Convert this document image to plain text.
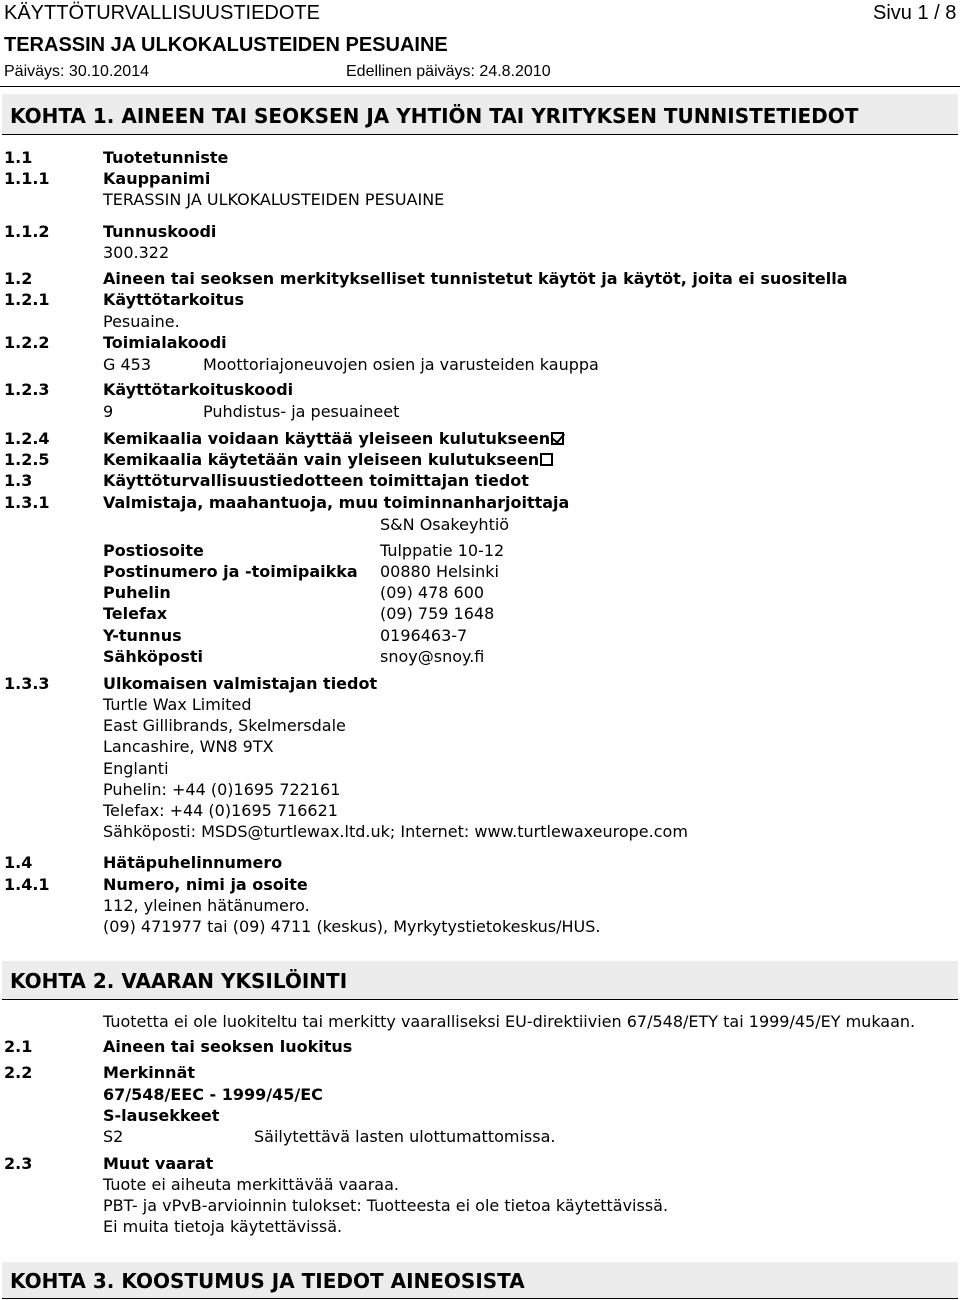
KÄYTTÖTURVALLISUUSTIEDOTE	Sivu 1 / 8
TERASSIN JA ULKOKALUSTEIDEN PESUAINE
Päiväys: 30.10.2014	Edellinen päiväys: 24.8.2010
KOHTA 1. AINEEN TAI SEOKSEN JA YHTIÖN TAI YRITYKSEN TUNNISTETIEDOT
1.1	Tuotetunniste
1.1.1	Kauppanimi
TERASSIN JA ULKOKALUSTEIDEN PESUAINE
1.1.2	Tunnuskoodi
300.322
1.2	Aineen tai seoksen merkitykselliset tunnistetut käytöt ja käytöt, joita ei suositella
1.2.1	Käyttötarkoitus
Pesuaine.
1.2.2	Toimialakoodi
G 453	Moottoriajoneuvojen osien ja varusteiden kauppa
1.2.3	Käyttötarkoituskoodi
9	Puhdistus- ja pesuaineet
1.2.4	Kemikaalia voidaan käyttää yleiseen kulutukseen
1.2.5	Kemikaalia käytetään vain yleiseen kulutukseen
1.3	Käyttöturvallisuustiedotteen toimittajan tiedot
1.3.1	Valmistaja, maahantuoja, muu toiminnanharjoittaja
S&N Osakeyhtiö
Postiosoite	Tulppatie 10-12
Postinumero ja -toimipaikka 00880 Helsinki
Puhelin	(09) 478 600
Telefax	(09) 759 1648
Y-tunnus	0196463-7
Sähköposti	snoy@snoy.fi
1.3.3	Ulkomaisen valmistajan tiedot
Turtle Wax Limited
East Gillibrands, Skelmersdale
Lancashire, WN8 9TX
Englanti
Puhelin: +44 (0)1695 722161
Telefax: +44 (0)1695 716621
Sähköposti: MSDS@turtlewax.ltd.uk; Internet: www.turtlewaxeurope.com
1.4	Hätäpuhelinnumero
1.4.1	Numero, nimi ja osoite
112, yleinen hätänumero.
(09) 471977 tai (09) 4711 (keskus), Myrkytystietokeskus/HUS.
KOHTA 2. VAARAN YKSILÖINTI
Tuotetta ei ole luokiteltu tai merkitty vaaralliseksi EU-direktiivien 67/548/ETY tai 1999/45/EY mukaan.
2.1	Aineen tai seoksen luokitus
2.2	Merkinnät
67/548/EEC - 1999/45/EC
S-lausekkeet
S2	Säilytettävä lasten ulottumattomissa.
2.3	Muut vaarat
Tuote ei aiheuta merkittävää vaaraa.
PBT- ja vPvB-arvioinnin tulokset: Tuotteesta ei ole tietoa käytettävissä.
Ei muita tietoja käytettävissä.
KOHTA 3. KOOSTUMUS JA TIEDOT AINEOSISTA
